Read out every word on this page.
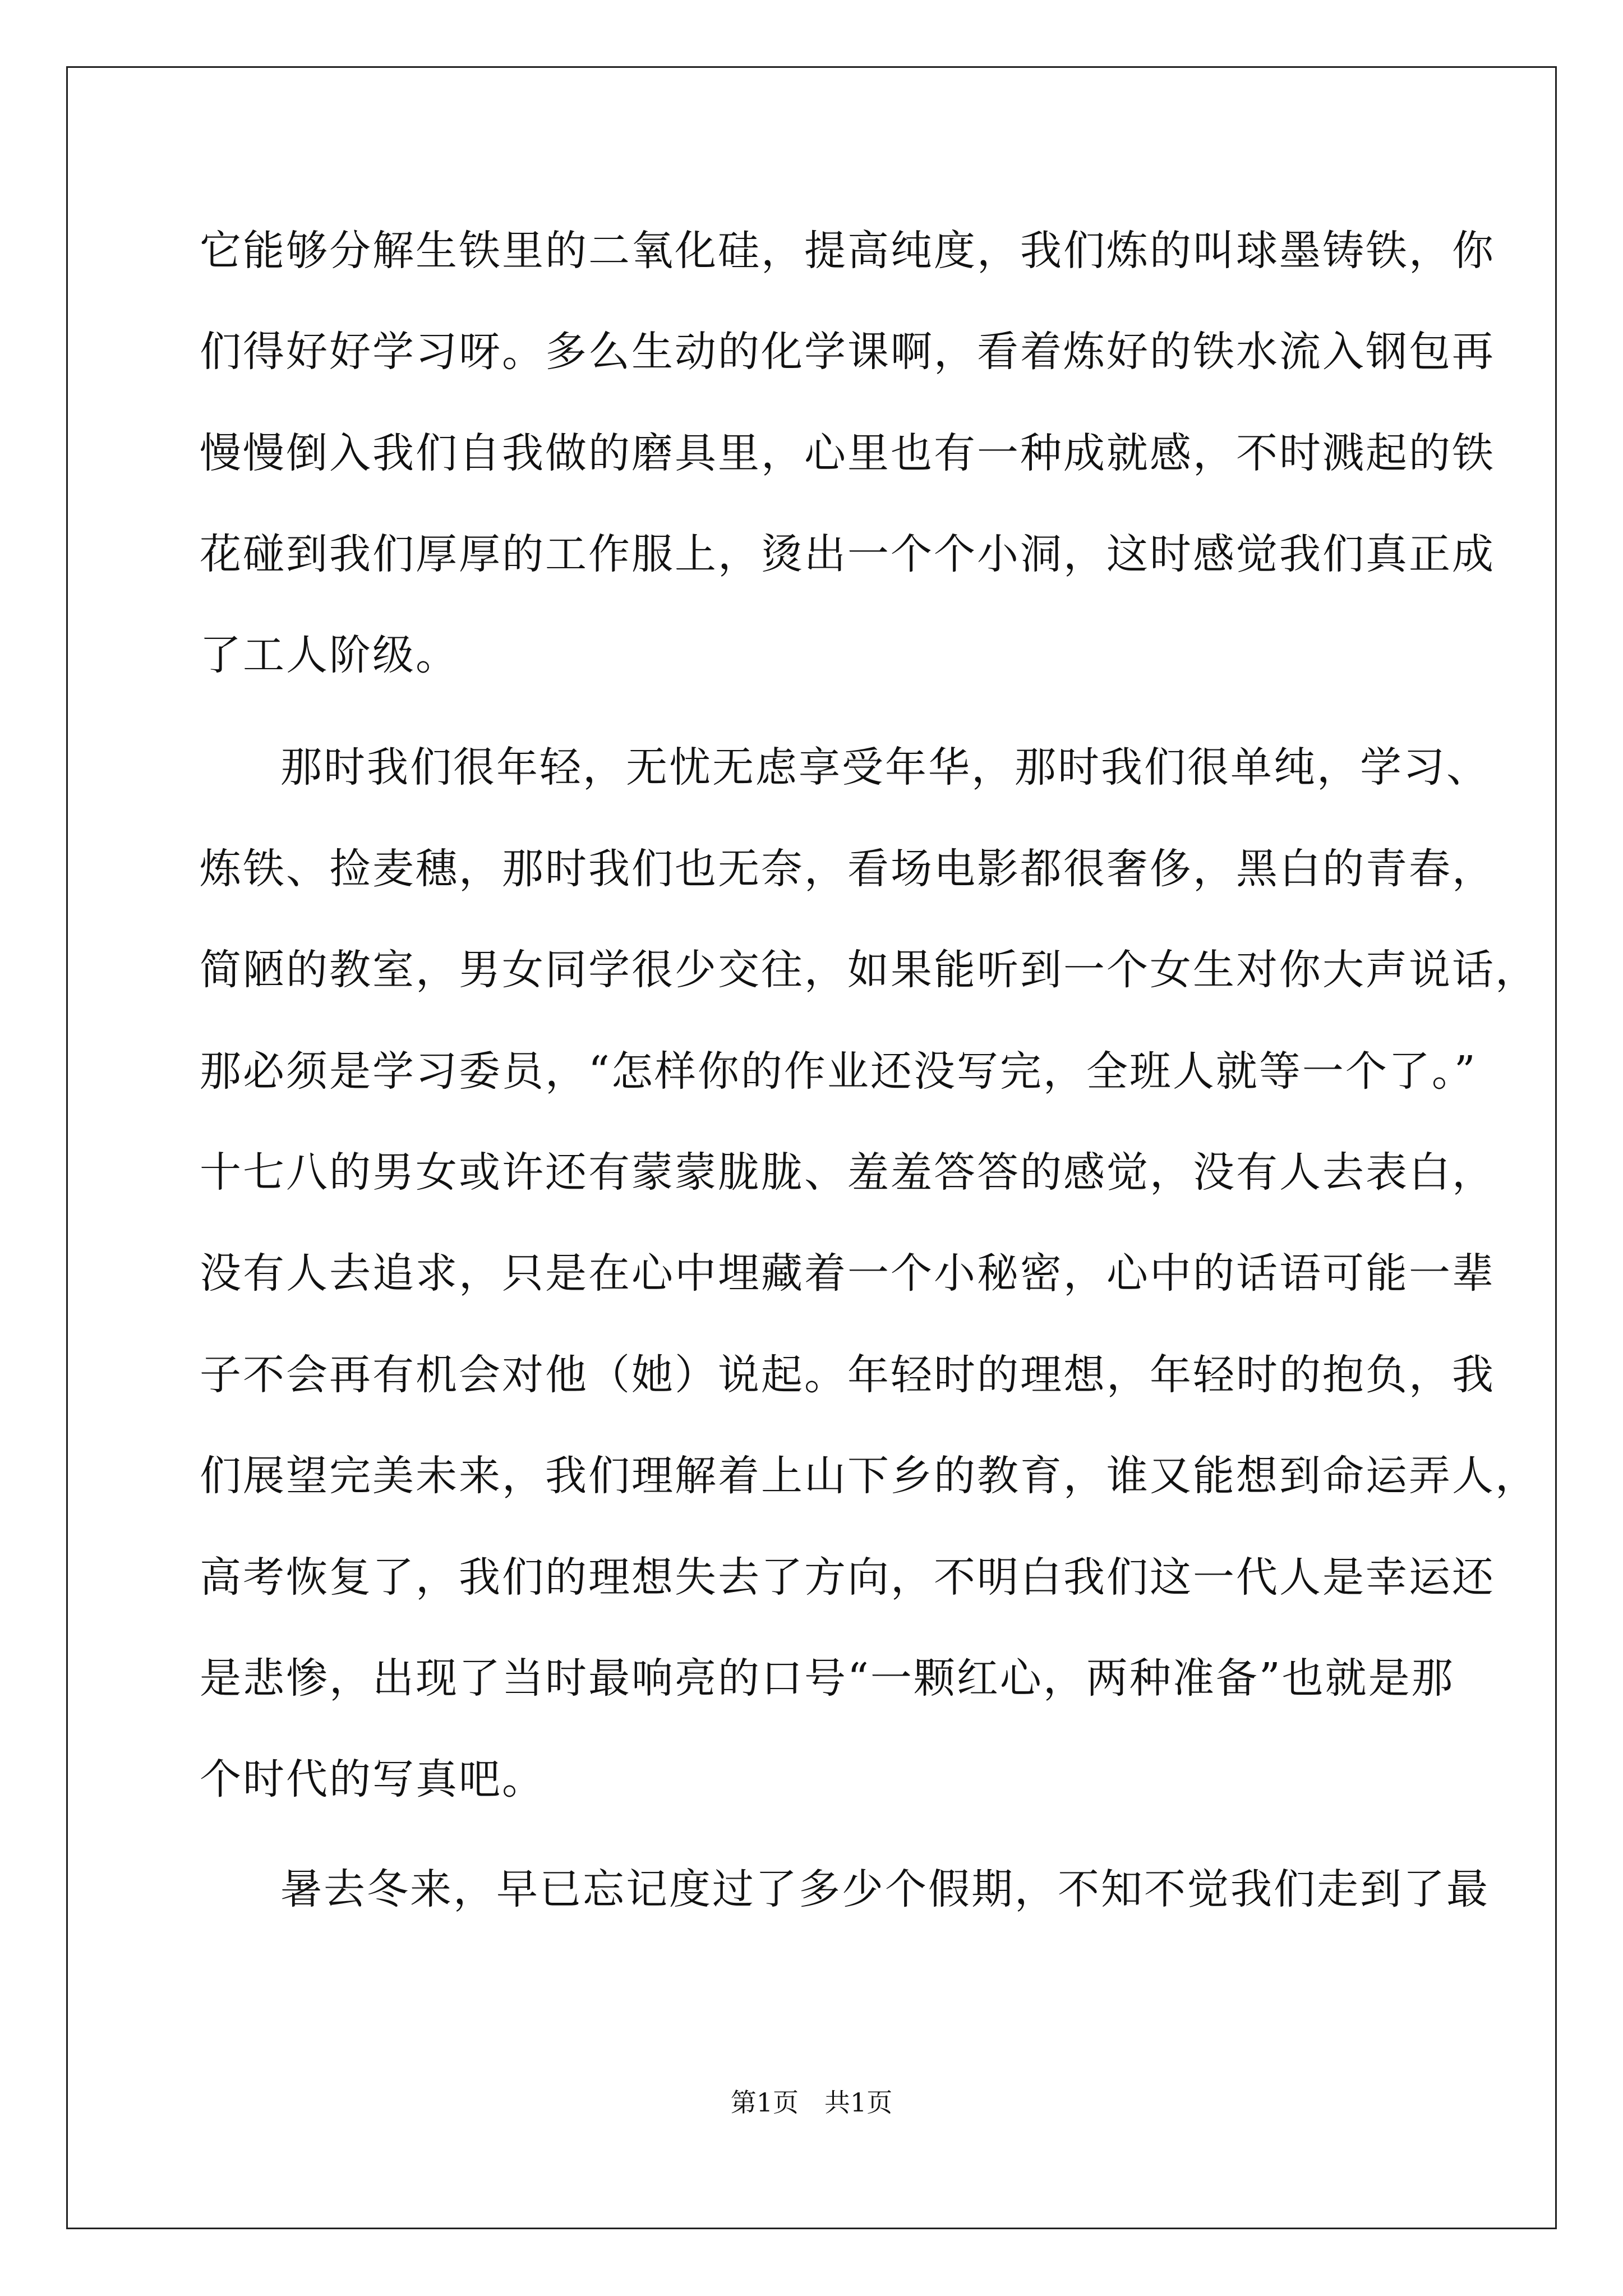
它能够分解生铁里的二氧化硅，提高纯度，我们炼的叫球墨铸铁，你
们得好好学习呀。多么生动的化学课啊，看着炼好的铁水流入钢包再
慢慢倒入我们自我做的磨具里，心里也有一种成就感，不时溅起的铁
花碰到我们厚厚的工作服上，烫出一个个小洞，这时感觉我们真正成
了工人阶级。
那时我们很年轻，无忧无虑享受年华，那时我们很单纯，学习、
炼铁、捡麦穗，那时我们也无奈，看场电影都很奢侈，黑白的青春，
简陋的教室，男女同学很少交往，如果能听到一个女生对你大声说话，
那必须是学习委员，“怎样你的作业还没写完，全班人就等一个了。”
十七八的男女或许还有蒙蒙胧胧、羞羞答答的感觉，没有人去表白，
没有人去追求，只是在心中埋藏着一个小秘密，心中的话语可能一辈
子不会再有机会对他（她）说起。年轻时的理想，年轻时的抱负，我
们展望完美未来，我们理解着上山下乡的教育，谁又能想到命运弄人，
高考恢复了，我们的理想失去了方向，不明白我们这一代人是幸运还
是悲惨，出现了当时最响亮的口号“一颗红心，两种准备”也就是那
个时代的写真吧。
暑去冬来，早已忘记度过了多少个假期，不知不觉我们走到了最
第1页　共1页
